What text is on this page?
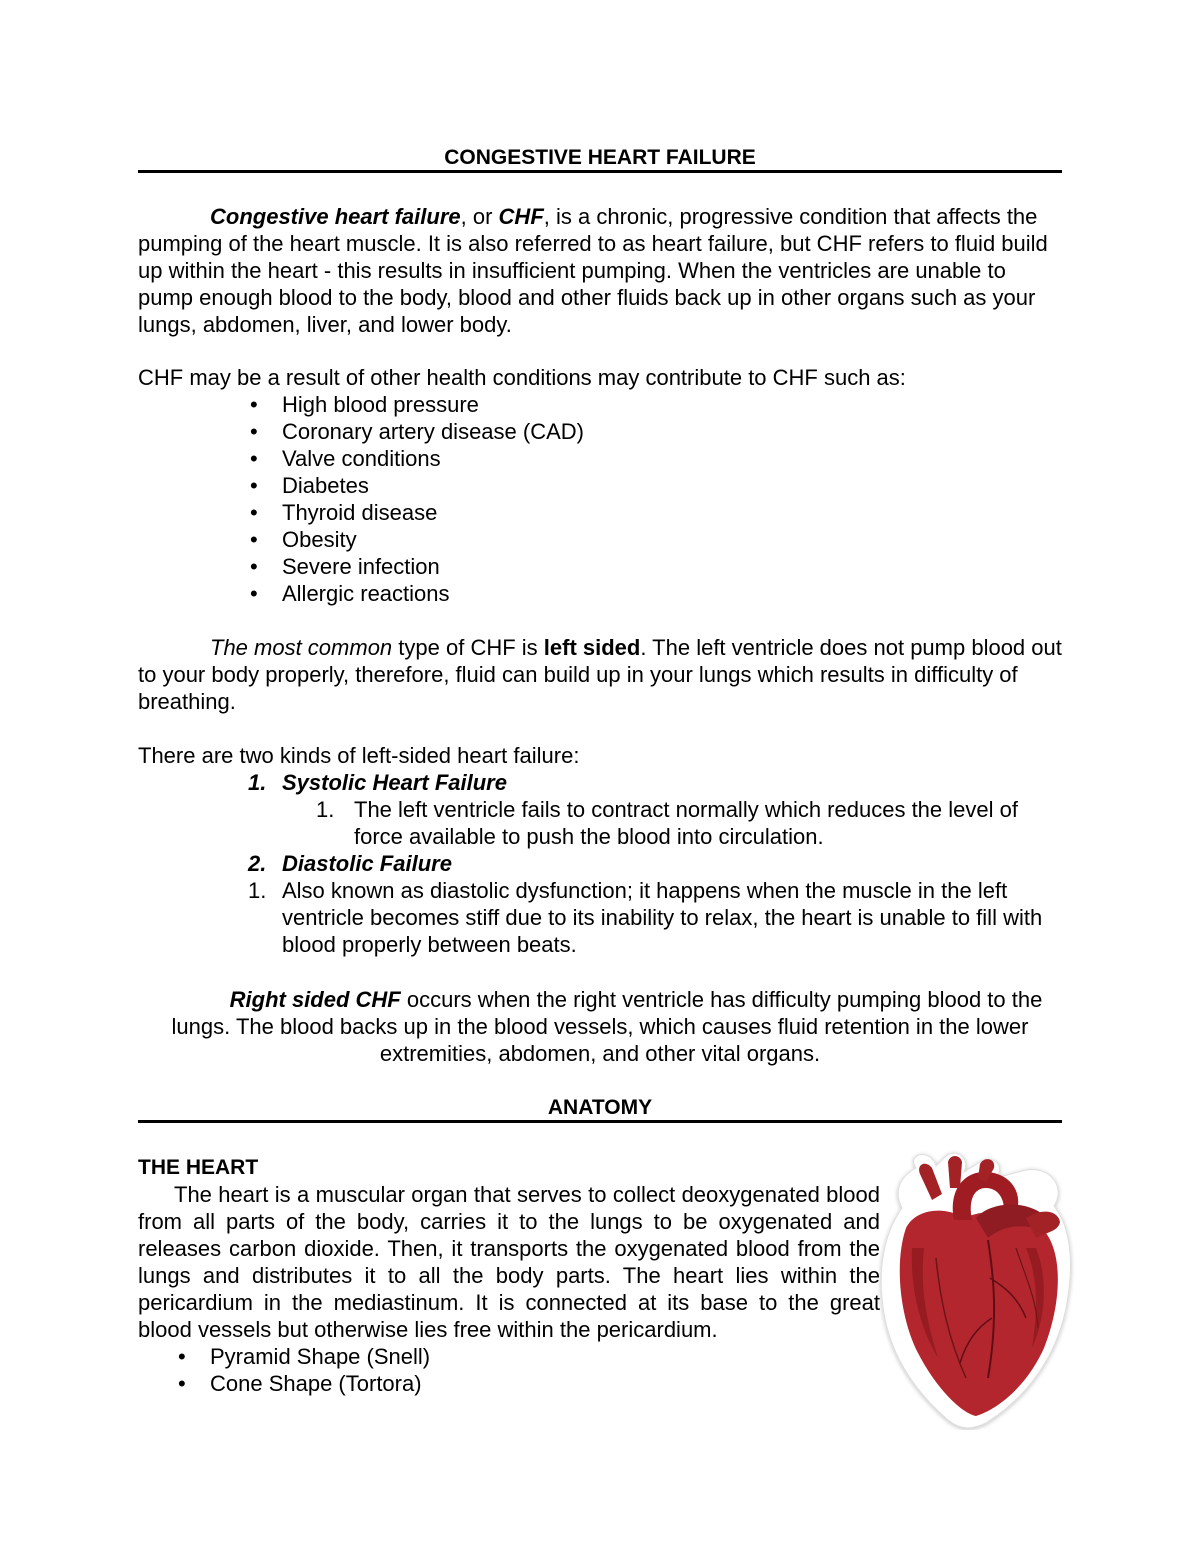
CONGESTIVE HEART FAILURE

Congestive heart failure, or CHF, is a chronic, progressive condition that affects the pumping of the heart muscle. It is also referred to as heart failure, but CHF refers to fluid build up within the heart - this results in insufficient pumping. When the ventricles are unable to pump enough blood to the body, blood and other fluids back up in other organs such as your lungs, abdomen, liver, and lower body.

CHF may be a result of other health conditions may contribute to CHF such as:

• High blood pressure
• Coronary artery disease (CAD)
• Valve conditions
• Diabetes
• Thyroid disease
• Obesity
• Severe infection
• Allergic reactions

The most common type of CHF is left sided. The left ventricle does not pump blood out to your body properly, therefore, fluid can build up in your lungs which results in difficulty of breathing.

There are two kinds of left-sided heart failure:

1. Systolic Heart Failure
1. The left ventricle fails to contract normally which reduces the level of force available to push the blood into circulation.
2. Diastolic Failure
1. Also known as diastolic dysfunction; it happens when the muscle in the left ventricle becomes stiff due to its inability to relax, the heart is unable to fill with blood properly between beats.

Right sided CHF occurs when the right ventricle has difficulty pumping blood to the lungs. The blood backs up in the blood vessels, which causes fluid retention in the lower extremities, abdomen, and other vital organs.

ANATOMY

THE HEART

The heart is a muscular organ that serves to collect deoxygenated blood from all parts of the body, carries it to the lungs to be oxygenated and releases carbon dioxide. Then, it transports the oxygenated blood from the lungs and distributes it to all the body parts. The heart lies within the pericardium in the mediastinum. It is connected at its base to the great blood vessels but otherwise lies free within the pericardium.

• Pyramid Shape (Snell)
• Cone Shape (Tortora)
